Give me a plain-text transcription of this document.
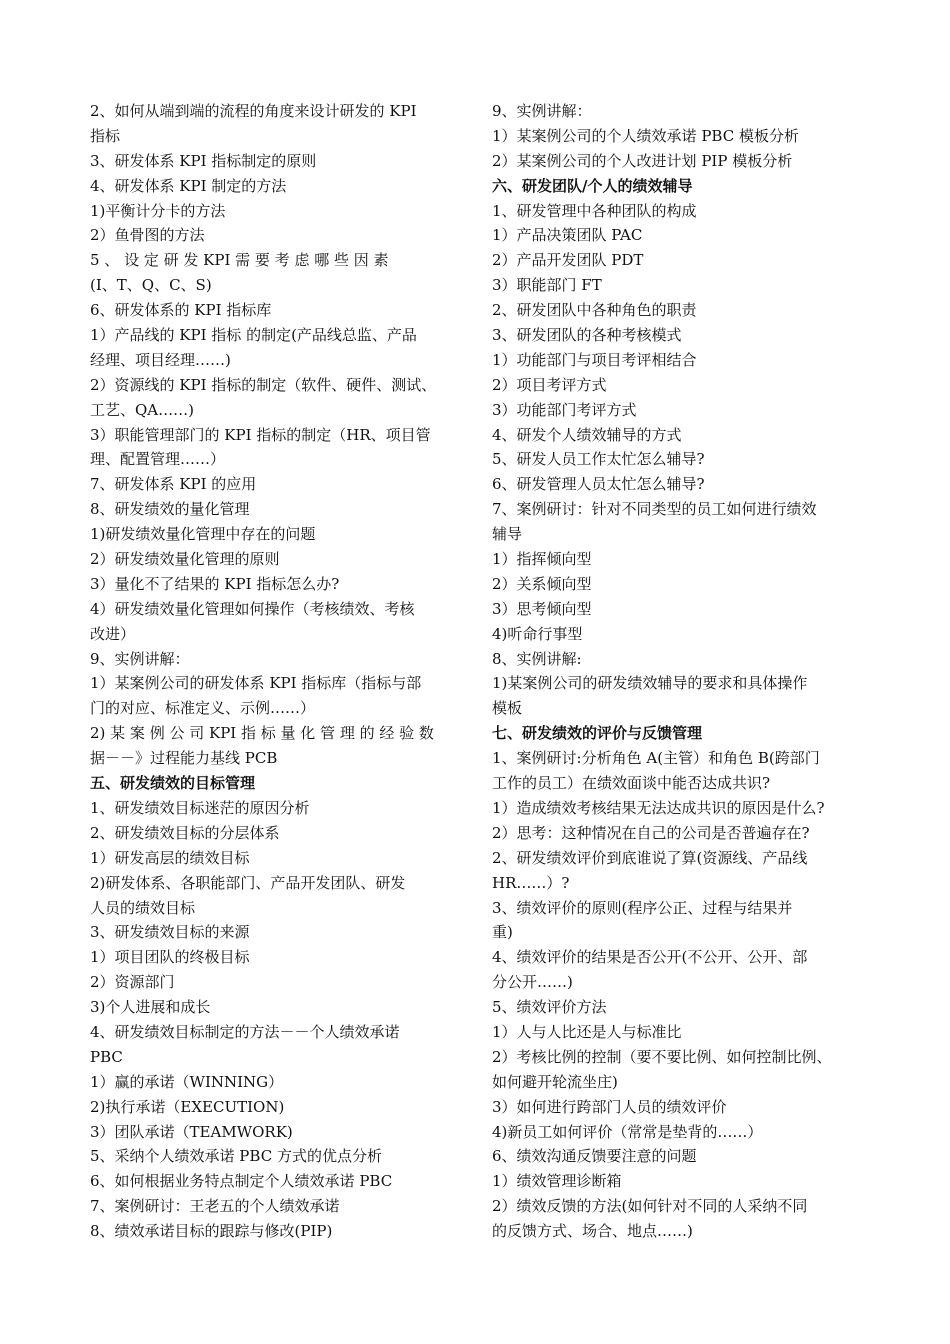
2、如何从端到端的流程的角度来设计研发的 KPI
指标
3、研发体系 KPI 指标制定的原则
4、研发体系 KPI 制定的方法
1)平衡计分卡的方法
2）鱼骨图的方法
5 、 设 定 研 发 KPI 需 要 考 虑 哪 些 因 素
(I、T、Q、C、S)
6、研发体系的 KPI 指标库
1）产品线的 KPI 指标 的制定(产品线总监、产品
经理、项目经理……)
2）资源线的 KPI 指标的制定（软件、硬件、测试、
工艺、QA……)
3）职能管理部门的 KPI 指标的制定（HR、项目管
理、配置管理……）
7、研发体系 KPI 的应用
8、研发绩效的量化管理
1)研发绩效量化管理中存在的问题
2）研发绩效量化管理的原则
3）量化不了结果的 KPI 指标怎么办?
4）研发绩效量化管理如何操作（考核绩效、考核
改进）
9、实例讲解：
1）某案例公司的研发体系 KPI 指标库（指标与部
门的对应、标准定义、示例……）
2) 某 案 例 公 司 KPI 指 标 量 化 管 理 的 经 验 数
据－－》过程能力基线 PCB
五、研发绩效的目标管理
1、研发绩效目标迷茫的原因分析
2、研发绩效目标的分层体系
1）研发高层的绩效目标
2)研发体系、各职能部门、产品开发团队、研发
人员的绩效目标
3、研发绩效目标的来源
1）项目团队的终极目标
2）资源部门
3)个人进展和成长
4、研发绩效目标制定的方法－－个人绩效承诺
PBC
1）赢的承诺（WINNING）
2)执行承诺（EXECUTION)
3）团队承诺（TEAMWORK)
5、采纳个人绩效承诺 PBC 方式的优点分析
6、如何根据业务特点制定个人绩效承诺 PBC
7、案例研讨：王老五的个人绩效承诺
8、绩效承诺目标的跟踪与修改(PIP)
9、实例讲解：
1）某案例公司的个人绩效承诺 PBC 模板分析
2）某案例公司的个人改进计划 PIP 模板分析
六、研发团队/个人的绩效辅导
1、研发管理中各种团队的构成
1）产品决策团队 PAC
2）产品开发团队 PDT
3）职能部门 FT
2、研发团队中各种角色的职责
3、研发团队的各种考核模式
1）功能部门与项目考评相结合
2）项目考评方式
3）功能部门考评方式
4、研发个人绩效辅导的方式
5、研发人员工作太忙怎么辅导?
6、研发管理人员太忙怎么辅导?
7、案例研讨：针对不同类型的员工如何进行绩效
辅导
1）指挥倾向型
2）关系倾向型
3）思考倾向型
4)听命行事型
8、实例讲解:
1)某案例公司的研发绩效辅导的要求和具体操作
模板
七、研发绩效的评价与反馈管理
1、案例研讨:分析角色 A(主管）和角色 B(跨部门
工作的员工）在绩效面谈中能否达成共识?
1）造成绩效考核结果无法达成共识的原因是什么?
2）思考：这种情况在自己的公司是否普遍存在?
2、研发绩效评价到底谁说了算(资源线、产品线
HR……）?
3、绩效评价的原则(程序公正、过程与结果并
重)
4、绩效评价的结果是否公开(不公开、公开、部
分公开……)
5、绩效评价方法
1）人与人比还是人与标准比
2）考核比例的控制（要不要比例、如何控制比例、
如何避开轮流坐庄)
3）如何进行跨部门人员的绩效评价
4)新员工如何评价（常常是垫背的……）
6、绩效沟通反馈要注意的问题
1）绩效管理诊断箱
2）绩效反馈的方法(如何针对不同的人采纳不同
的反馈方式、场合、地点……)
